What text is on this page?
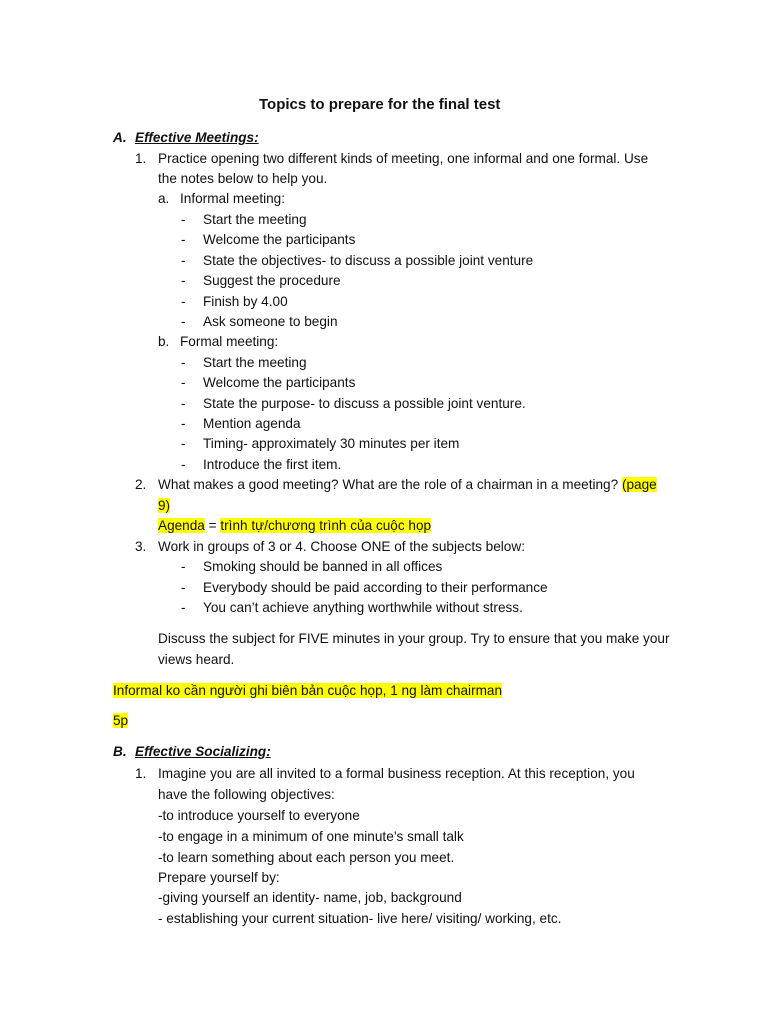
Topics to prepare for the final test
A. Effective Meetings:
1. Practice opening two different kinds of meeting, one informal and one formal. Use
the notes below to help you.
a. Informal meeting:
- Start the meeting
- Welcome the participants
- State the objectives- to discuss a possible joint venture
- Suggest the procedure
- Finish by 4.00
- Ask someone to begin
b. Formal meeting:
- Start the meeting
- Welcome the participants
- State the purpose- to discuss a possible joint venture.
- Mention agenda
- Timing- approximately 30 minutes per item
- Introduce the first item.
2. What makes a good meeting? What are the role of a chairman in a meeting? (page
9)
Agenda = trình tự/chương trình của cuộc họp
3. Work in groups of 3 or 4. Choose ONE of the subjects below:
- Smoking should be banned in all offices
- Everybody should be paid according to their performance
- You can’t achieve anything worthwhile without stress.
Discuss the subject for FIVE minutes in your group. Try to ensure that you make your
views heard.
Informal ko cần người ghi biên bản cuộc họp, 1 ng làm chairman
5p
B. Effective Socializing:
1. Imagine you are all invited to a formal business reception. At this reception, you
have the following objectives:
-to introduce yourself to everyone
-to engage in a minimum of one minute’s small talk
-to learn something about each person you meet.
Prepare yourself by:
-giving yourself an identity- name, job, background
- establishing your current situation- live here/ visiting/ working, etc.
